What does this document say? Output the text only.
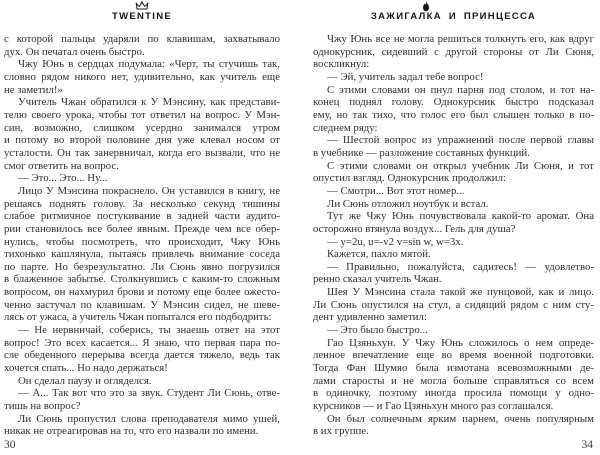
TWENTINE
с которой пальцы ударяли по клавишам, захватывало
дух. Он печатал очень быстро.
Чжу Юнь в сердцах подумала: «Черт, ты стучишь так,
словно рядом никого нет, удивительно, как учитель еще
не заметил!»
Учитель Чжан обратился к У Мэнсину, как представи-
телю своего урока, чтобы тот ответил на вопрос. У Мэн-
син, возможно, слишком усердно занимался утром
и потому во второй половине дня уже клевал носом от
усталости. Он так занервничал, когда его вызвали, что не
смог ответить на вопрос.
— Это... Это... Ну...
Лицо У Мэнсина покраснело. Он уставился в книгу, не
решаясь поднять голову. За несколько секунд тишины
слабое ритмичное постукивание в задней части аудито-
рии становилось все более явным. Прежде чем все обер-
нулись, чтобы посмотреть, что происходит, Чжу Юнь
тихонько кашлянула, пытаясь привлечь внимание соседа
по парте. Но безрезультатно. Ли Сюнь явно погрузился
в блаженное забытье. Столкнувшись с каким-то сложным
вопросом, он нахмурил брови и потому еще более ожесто-
ченно застучал по клавишам. У Мэнсин сидел, не шеве-
лясь от ужаса, а учитель Чжан попытался его подбодрить:
— Не нервничай, соберись, ты знаешь ответ на этот
вопрос! Это всех касается... Я знаю, что первая пара по-
сле обеденного перерыва всегда дается тяжело, ведь так
хочется спать... Но надо держаться!
Он сделал паузу и огляделся.
— А... Так вот что это за звук. Студент Ли Сюнь, отве-
тишь на вопрос?
Ли Сюнь пропустил слова преподавателя мимо ушей,
никак не отреагировав на то, что его назвали по имени.
30
ЗАЖИГАЛКА И ПРИНЦЕССА
Чжу Юнь все не могла решиться толкнуть его, как вдруг
однокурсник, сидевший с другой стороны от Ли Сюня,
воскликнул:
— Эй, учитель задал тебе вопрос!
С этими словами он пнул парня под столом, и тот на-
конец поднял голову. Однокурсник быстро подсказал
ему, но так тихо, что голос его был слышен только в по-
следнем ряду:
— Шестой вопрос из упражнений после первой главы
в учебнике — разложение составных функций.
С этими словами он открыл учебник Ли Сюня, и тот
опустил взгляд. Однокурсник продолжил:
— Смотри... Вот этот номер...
Ли Сюнь отложил ноутбук и встал.
Тут же Чжу Юнь почувствовала какой-то аромат. Она
осторожно втянула воздух... Гель для душа?
— y=2u, u=-v2 v=sin w, w=3x.
Кажется, пахло мятой.
— Правильно, пожалуйста, садитесь! — удовлетво-
ренно сказал учитель Чжан.
Шея У Мэнсина стала такой же пунцовой, как и лицо.
Ли Сюнь опустился на стул, а сидящий рядом с ним сту-
дент удивленно заметил:
— Это было быстро...
Гао Цзяньхун. У Чжу Юнь сложилось о нем опреде-
ленное впечатление еще во время военной подготовки.
Тогда Фан Шумяо была измотана всевозможными де-
лами старосты и не могла больше справляться со всем
в одиночку, поэтому иногда просила помощи у одно-
курсников — и Гао Цзяньхун много раз соглашался.
Он был солнечным ярким парнем, очень популярным
в их группе.
34
